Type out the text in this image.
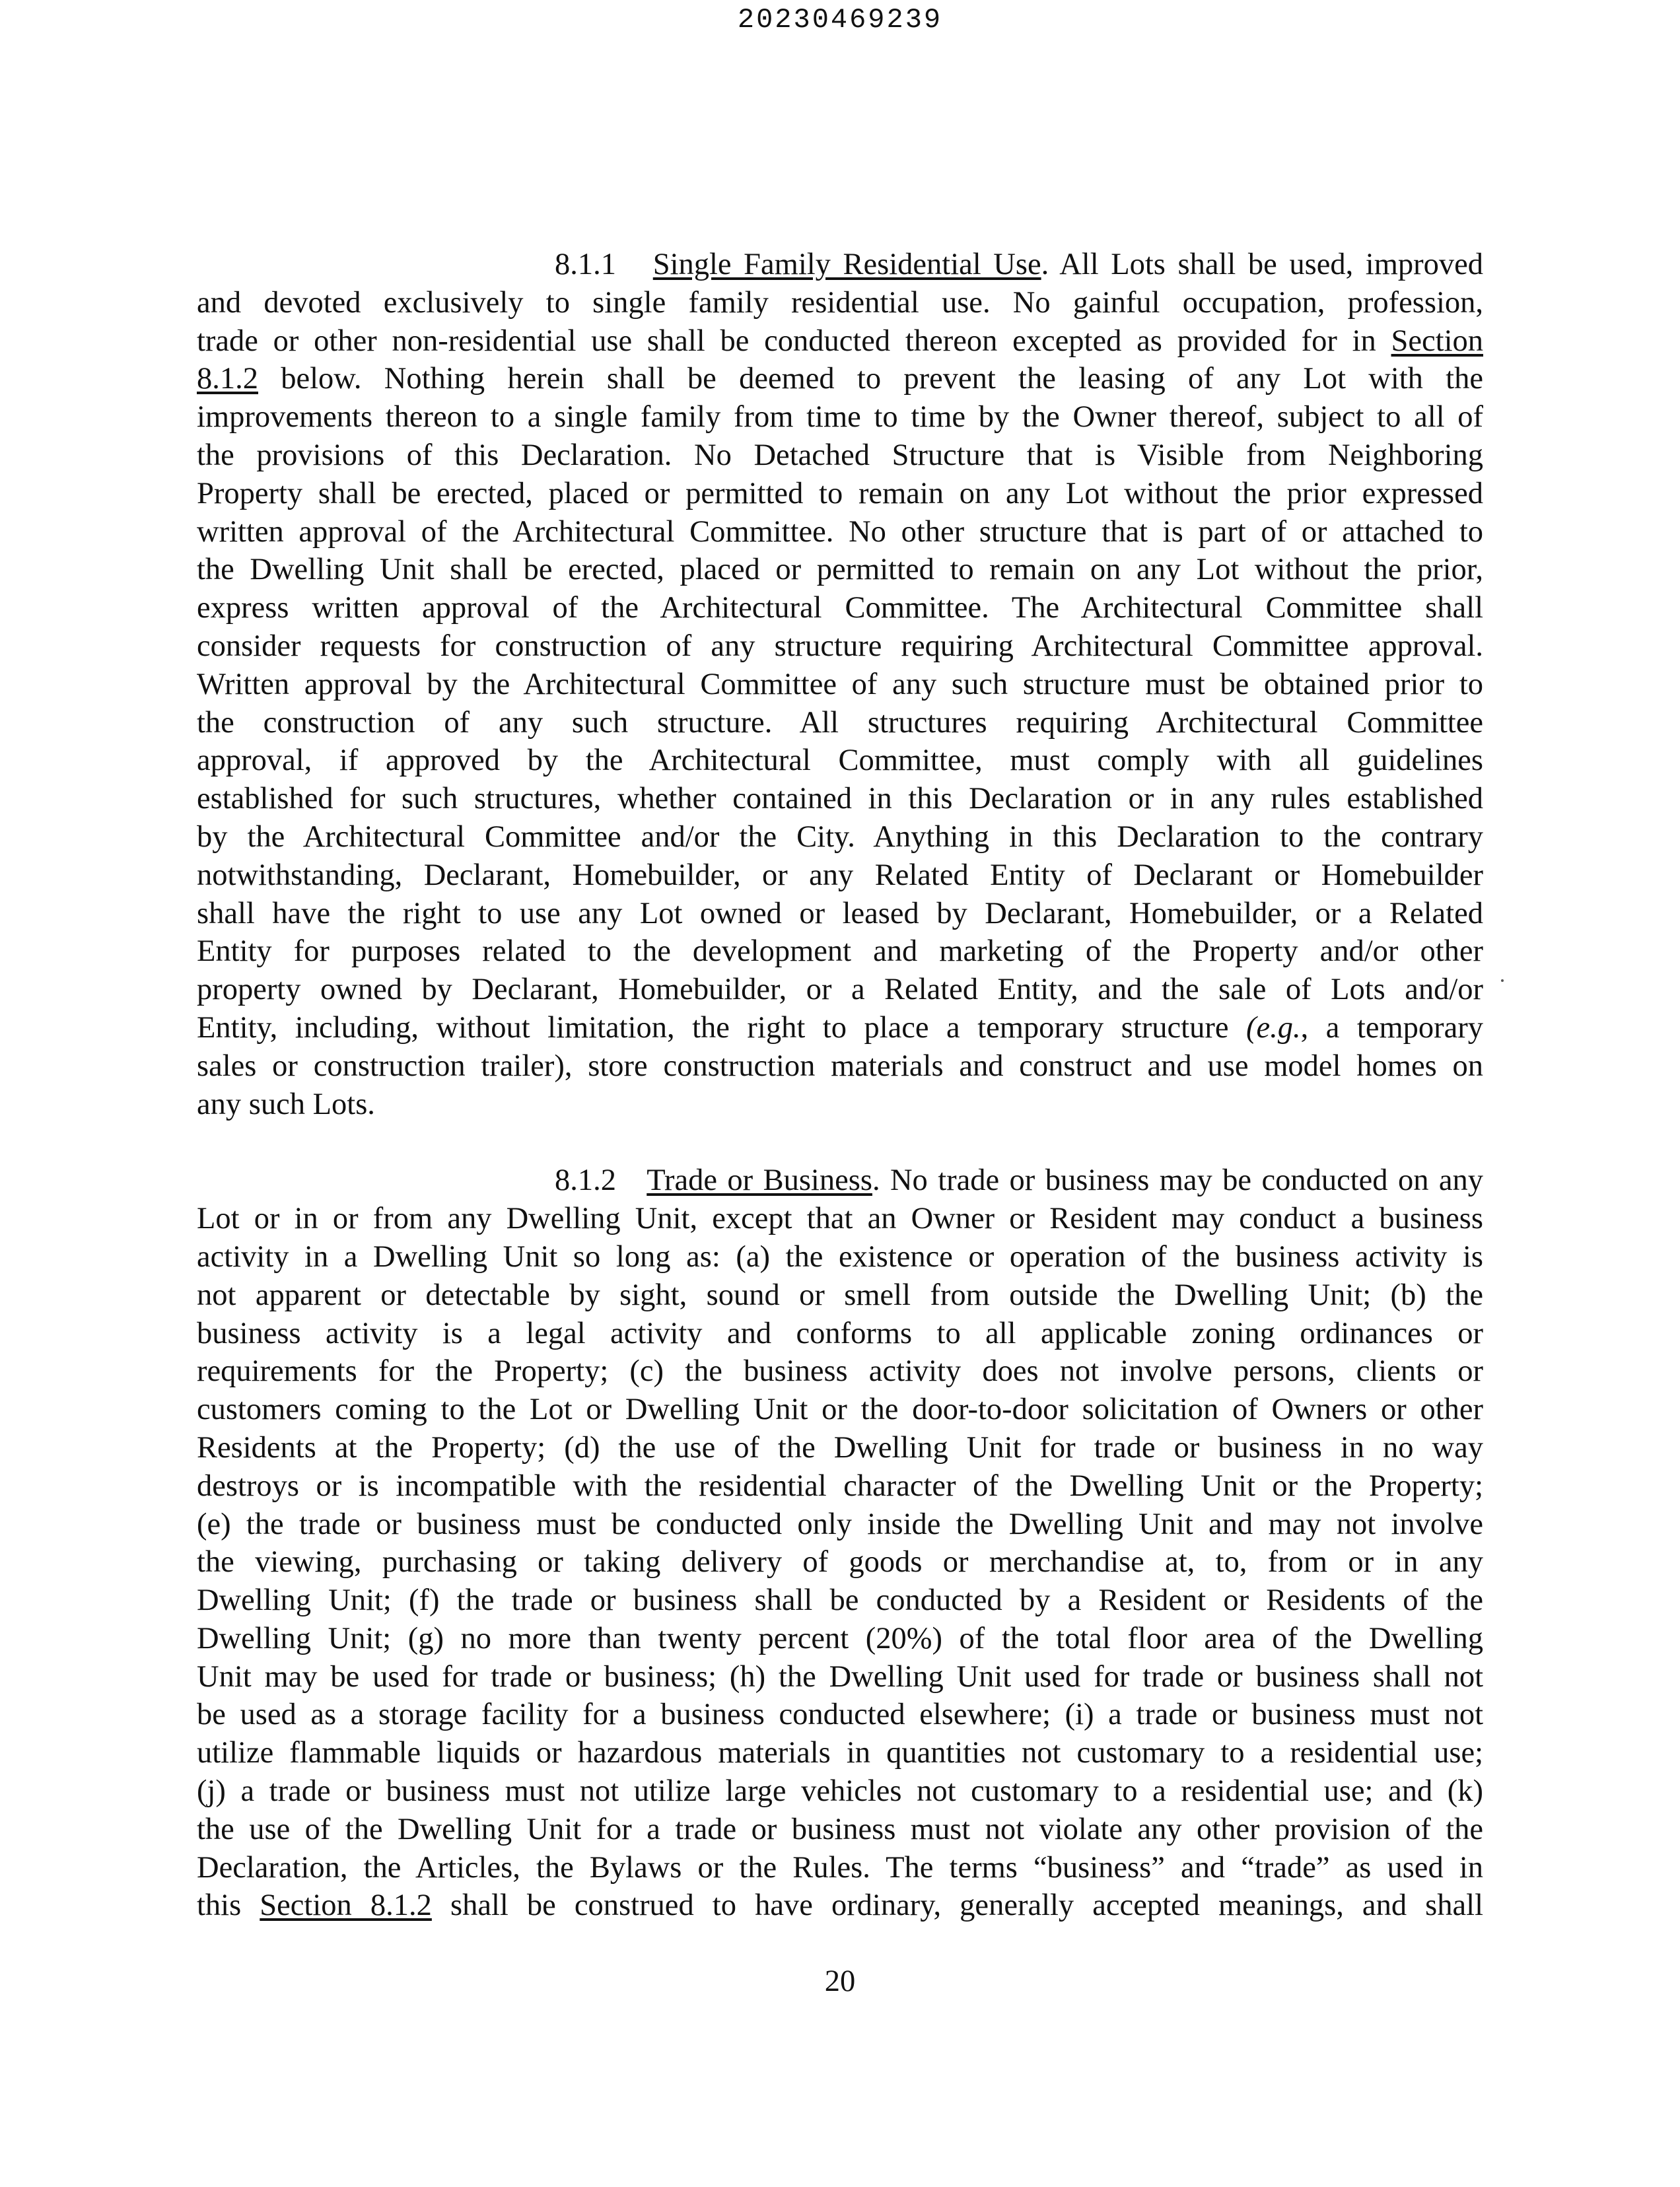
20230469239
8.1.1 Single Family Residential Use. All Lots shall be used, improved
and devoted exclusively to single family residential use. No gainful occupation, profession,
trade or other non-residential use shall be conducted thereon excepted as provided for in Section
8.1.2 below. Nothing herein shall be deemed to prevent the leasing of any Lot with the
improvements thereon to a single family from time to time by the Owner thereof, subject to all of
the provisions of this Declaration. No Detached Structure that is Visible from Neighboring
Property shall be erected, placed or permitted to remain on any Lot without the prior expressed
written approval of the Architectural Committee. No other structure that is part of or attached to
the Dwelling Unit shall be erected, placed or permitted to remain on any Lot without the prior,
express written approval of the Architectural Committee. The Architectural Committee shall
consider requests for construction of any structure requiring Architectural Committee approval.
Written approval by the Architectural Committee of any such structure must be obtained prior to
the construction of any such structure. All structures requiring Architectural Committee
approval, if approved by the Architectural Committee, must comply with all guidelines
established for such structures, whether contained in this Declaration or in any rules established
by the Architectural Committee and/or the City. Anything in this Declaration to the contrary
notwithstanding, Declarant, Homebuilder, or any Related Entity of Declarant or Homebuilder
shall have the right to use any Lot owned or leased by Declarant, Homebuilder, or a Related
Entity for purposes related to the development and marketing of the Property and/or other
property owned by Declarant, Homebuilder, or a Related Entity, and the sale of Lots and/or
Entity, including, without limitation, the right to place a temporary structure (e.g., a temporary
sales or construction trailer), store construction materials and construct and use model homes on
any such Lots.
8.1.2 Trade or Business. No trade or business may be conducted on any
Lot or in or from any Dwelling Unit, except that an Owner or Resident may conduct a business
activity in a Dwelling Unit so long as: (a) the existence or operation of the business activity is
not apparent or detectable by sight, sound or smell from outside the Dwelling Unit; (b) the
business activity is a legal activity and conforms to all applicable zoning ordinances or
requirements for the Property; (c) the business activity does not involve persons, clients or
customers coming to the Lot or Dwelling Unit or the door-to-door solicitation of Owners or other
Residents at the Property; (d) the use of the Dwelling Unit for trade or business in no way
destroys or is incompatible with the residential character of the Dwelling Unit or the Property;
(e) the trade or business must be conducted only inside the Dwelling Unit and may not involve
the viewing, purchasing or taking delivery of goods or merchandise at, to, from or in any
Dwelling Unit; (f) the trade or business shall be conducted by a Resident or Residents of the
Dwelling Unit; (g) no more than twenty percent (20%) of the total floor area of the Dwelling
Unit may be used for trade or business; (h) the Dwelling Unit used for trade or business shall not
be used as a storage facility for a business conducted elsewhere; (i) a trade or business must not
utilize flammable liquids or hazardous materials in quantities not customary to a residential use;
(j) a trade or business must not utilize large vehicles not customary to a residential use; and (k)
the use of the Dwelling Unit for a trade or business must not violate any other provision of the
Declaration, the Articles, the Bylaws or the Rules. The terms “business” and “trade” as used in
this Section 8.1.2 shall be construed to have ordinary, generally accepted meanings, and shall
20
